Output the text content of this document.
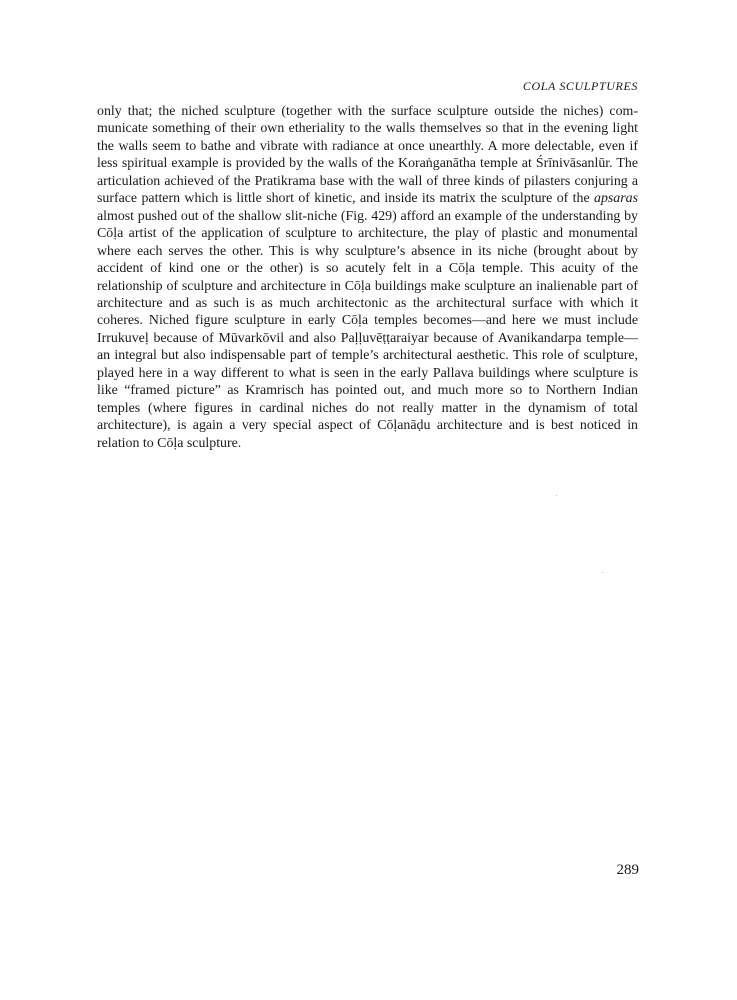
COLA SCULPTURES

only that; the niched sculpture (together with the surface sculpture outside the niches) communicate something of their own etheriality to the walls themselves so that in the evening light the walls seem to bathe and vibrate with radiance at once unearthly. A more delectable, even if less spiritual example is provided by the walls of the Koraṅganātha temple at Śrīnivāsanlūr. The articulation achieved of the Pratikrama base with the wall of three kinds of pilasters conjuring a surface pattern which is little short of kinetic, and inside its matrix the sculpture of the apsaras almost pushed out of the shallow slit-niche (Fig. 429) afford an example of the understanding by Cōḷa artist of the application of sculpture to architecture, the play of plastic and monumental where each serves the other. This is why sculpture’s absence in its niche (brought about by accident of kind one or the other) is so acutely felt in a Cōḷa temple. This acuity of the relationship of sculpture and architecture in Cōḷa buildings make sculpture an inalienable part of architecture and as such is as much architectonic as the architectural surface with which it coheres. Niched figure sculpture in early Cōḷa temples becomes—and here we must include Irrukuveḷ because of Mūvarkōvil and also Paḷḷuvēṭṭaraiyar because of Avanikandarpa temple—an integral but also indispensable part of temple’s architectural aesthetic. This role of sculpture, played here in a way different to what is seen in the early Pallava buildings where sculpture is like “framed picture” as Kramrisch has pointed out, and much more so to Northern Indian temples (where figures in cardinal niches do not really matter in the dynamism of total architecture), is again a very special aspect of Cōḷanāḍu architecture and is best noticed in relation to Cōḷa sculpture.

289
